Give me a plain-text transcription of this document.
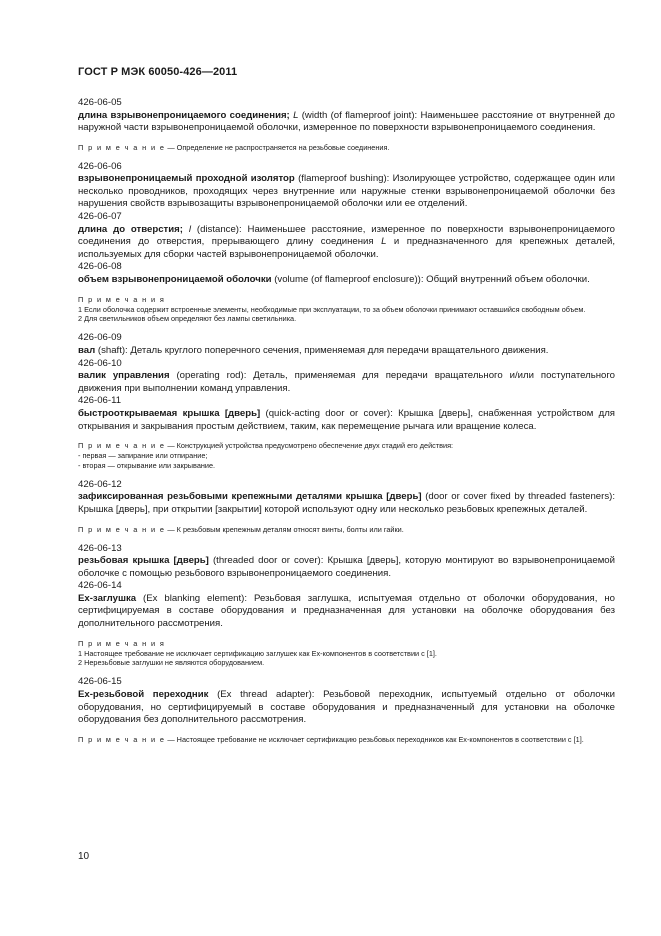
ГОСТ Р МЭК 60050-426—2011

426-06-05

длина взрывонепроницаемого соединения; L (width (of flameproof joint): Наименьшее расстояние от внутренней до наружной части взрывонепроницаемой оболочки, измеренное по поверхности взрывонепроницаемого соединения.

П р и м е ч а н и е — Определение не распространяется на резьбовые соединения.

426-06-06

взрывонепроницаемый проходной изолятор (flameproof bushing): Изолирующее устройство, содержащее один или несколько проводников, проходящих через внутренние или наружные стенки взрывонепроницаемой оболочки без нарушения свойств взрывозащиты взрывонепроницаемой оболочки или ее отделений.

426-06-07

длина до отверстия; l (distance): Наименьшее расстояние, измеренное по поверхности взрывонепроницаемого соединения до отверстия, прерывающего длину соединения L и предназначенного для крепежных деталей, используемых для сборки частей взрывонепроницаемой оболочки.

426-06-08

объем взрывонепроницаемой оболочки (volume (of flameproof enclosure)): Общий внутренний объем оболочки.

П р и м е ч а н и я

1 Если оболочка содержит встроенные элементы, необходимые при эксплуатации, то за объем оболочки принимают оставшийся свободным объем.

2 Для светильников объем определяют без лампы светильника.

426-06-09

вал (shaft): Деталь круглого поперечного сечения, применяемая для передачи вращательного движения.

426-06-10

валик управления (operating rod): Деталь, применяемая для передачи вращательного и/или поступательного движения при выполнении команд управления.

426-06-11

быстрооткрываемая крышка [дверь] (quick-acting door or cover): Крышка [дверь], снабженная устройством для открывания и закрывания простым действием, таким, как перемещение рычага или вращение колеса.

П р и м е ч а н и е — Конструкцией устройства предусмотрено обеспечение двух стадий его действия:

- первая — запирание или отпирание;

- вторая — открывание или закрывание.

426-06-12

зафиксированная резьбовыми крепежными деталями крышка [дверь] (door or cover fixed by threaded fasteners): Крышка [дверь], при открытии [закрытии] которой используют одну или несколько резьбовых крепежных деталей.

П р и м е ч а н и е — К резьбовым крепежным деталям относят винты, болты или гайки.

426-06-13

резьбовая крышка [дверь] (threaded door or cover): Крышка [дверь], которую монтируют во взрывонепроницаемой оболочке с помощью резьбового взрывонепроницаемого соединения.

426-06-14

Ex-заглушка (Ex blanking element): Резьбовая заглушка, испытуемая отдельно от оболочки оборудования, но сертифицируемая в составе оборудования и предназначенная для установки на оболочке оборудования без дополнительного рассмотрения.

П р и м е ч а н и я

1 Настоящее требование не исключает сертификацию заглушек как Ex-компонентов в соответствии с [1].

2 Нерезьбовые заглушки не являются оборудованием.

426-06-15

Ex-резьбовой переходник (Ex thread adapter): Резьбовой переходник, испытуемый отдельно от оболочки оборудования, но сертифицируемый в составе оборудования и предназначенный для установки на оболочке оборудования без дополнительного рассмотрения.

П р и м е ч а н и е — Настоящее требование не исключает сертификацию резьбовых переходников как Ex-компонентов в соответствии с [1].

10
